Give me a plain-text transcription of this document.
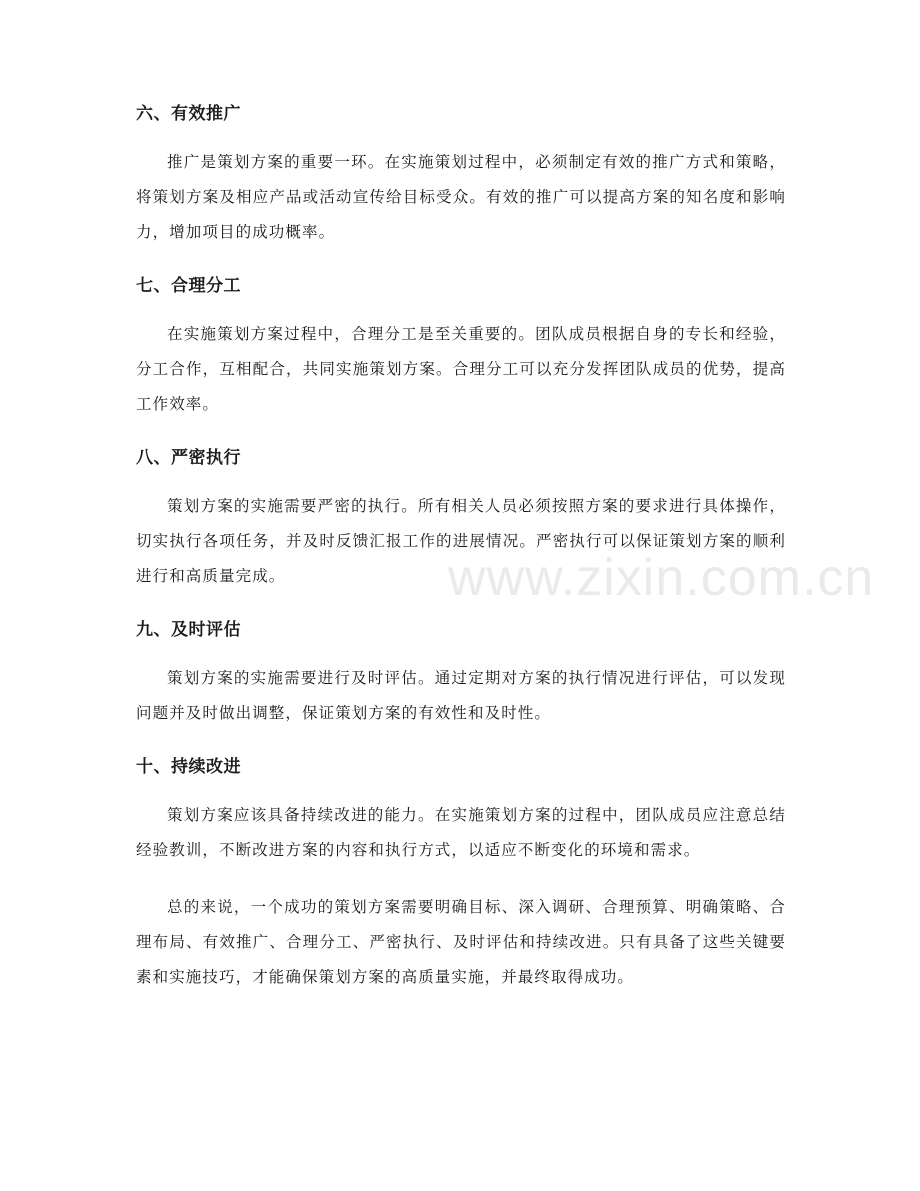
六、有效推广

推广是策划方案的重要一环。在实施策划过程中，必须制定有效的推广方式和策略，将策划方案及相应产品或活动宣传给目标受众。有效的推广可以提高方案的知名度和影响力，增加项目的成功概率。

七、合理分工

在实施策划方案过程中，合理分工是至关重要的。团队成员根据自身的专长和经验，分工合作，互相配合，共同实施策划方案。合理分工可以充分发挥团队成员的优势，提高工作效率。

八、严密执行

策划方案的实施需要严密的执行。所有相关人员必须按照方案的要求进行具体操作，切实执行各项任务，并及时反馈汇报工作的进展情况。严密执行可以保证策划方案的顺利进行和高质量完成。

九、及时评估

策划方案的实施需要进行及时评估。通过定期对方案的执行情况进行评估，可以发现问题并及时做出调整，保证策划方案的有效性和及时性。

十、持续改进

策划方案应该具备持续改进的能力。在实施策划方案的过程中，团队成员应注意总结经验教训，不断改进方案的内容和执行方式，以适应不断变化的环境和需求。

总的来说，一个成功的策划方案需要明确目标、深入调研、合理预算、明确策略、合理布局、有效推广、合理分工、严密执行、及时评估和持续改进。只有具备了这些关键要素和实施技巧，才能确保策划方案的高质量实施，并最终取得成功。

www.zixin.com.cn
